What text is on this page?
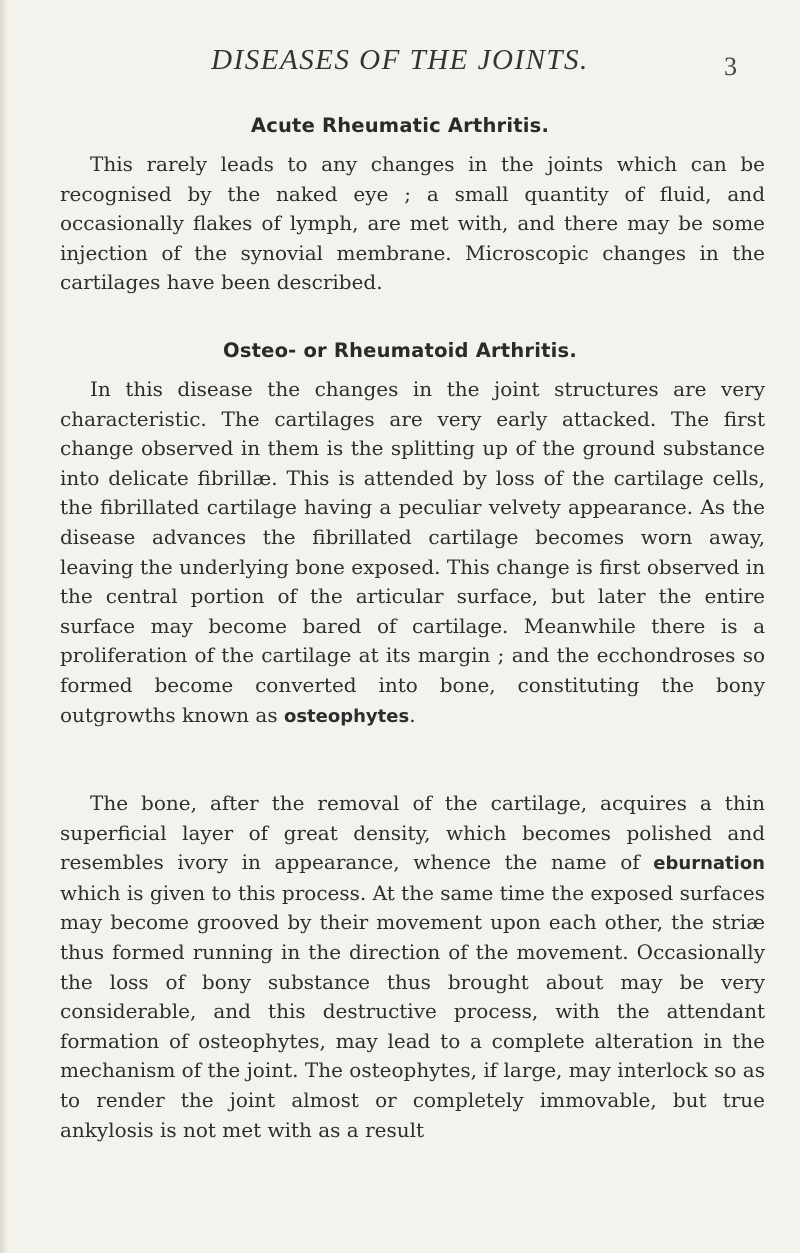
DISEASES OF THE JOINTS.	3
Acute Rheumatic Arthritis.

This rarely leads to any changes in the joints which can be recognised by the naked eye ; a small quantity of fluid, and occasionally flakes of lymph, are met with, and there may be some injection of the synovial membrane. Microscopic changes in the cartilages have been described.

Osteo- or Rheumatoid Arthritis.

In this disease the changes in the joint structures are very characteristic. The cartilages are very early attacked. The first change observed in them is the splitting up of the ground substance into delicate fibrillæ. This is attended by loss of the cartilage cells, the fibrillated cartilage having a peculiar velvety appearance. As the disease advances the fibrillated cartilage becomes worn away, leaving the underlying bone exposed. This change is first observed in the central portion of the articular surface, but later the entire surface may become bared of cartilage. Meanwhile there is a proliferation of the cartilage at its margin ; and the ecchondroses so formed become converted into bone, constituting the bony outgrowths known as osteophytes.

The bone, after the removal of the cartilage, acquires a thin superficial layer of great density, which becomes polished and resembles ivory in appearance, whence the name of eburnation which is given to this process. At the same time the exposed surfaces may become grooved by their movement upon each other, the striæ thus formed running in the direction of the movement. Occasionally the loss of bony substance thus brought about may be very considerable, and this destructive process, with the attendant formation of osteophytes, may lead to a complete alteration in the mechanism of the joint. The osteophytes, if large, may interlock so as to render the joint almost or completely immovable, but true ankylosis is not met with as a result
